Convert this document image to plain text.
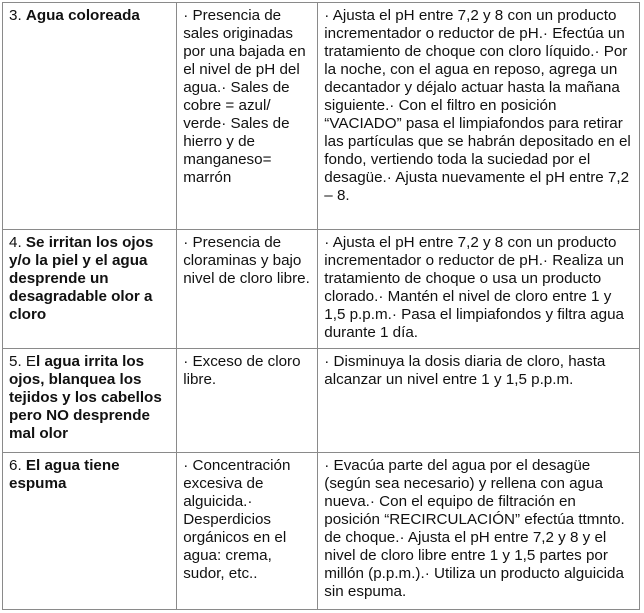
3. Agua coloreada	· Presencia de sales originadas por una bajada en el nivel de pH del agua.· Sales de cobre = azul/ verde· Sales de hierro y de manganeso= marrón	· Ajusta el pH entre 7,2 y 8 con un producto incrementador o reductor de pH.· Efectúa un tratamiento de choque con cloro líquido.· Por la noche, con el agua en reposo, agrega un decantador y déjalo actuar hasta la mañana siguiente.· Con el filtro en posición “VACIADO” pasa el limpiafondos para retirar las partículas que se habrán depositado en el fondo, vertiendo toda la suciedad por el desagüe.· Ajusta nuevamente el pH entre 7,2 – 8.
4. Se irritan los ojos y/o la piel y el agua desprende un desagradable olor a cloro	· Presencia de cloraminas y bajo nivel de cloro libre.	· Ajusta el pH entre 7,2 y 8 con un producto incrementador o reductor de pH.· Realiza un tratamiento de choque o usa un producto clorado.· Mantén el nivel de cloro entre 1 y 1,5 p.p.m.· Pasa el limpiafondos y filtra agua durante 1 día.
5. El agua irrita los ojos, blanquea los tejidos y los cabellos pero NO desprende mal olor	· Exceso de cloro libre.	· Disminuya la dosis diaria de cloro, hasta alcanzar un nivel entre 1 y 1,5 p.p.m.
6. El agua tiene espuma	· Concentración excesiva de alguicida.· Desperdicios orgánicos en el agua: crema, sudor, etc..	· Evacúa parte del agua por el desagüe (según sea necesario) y rellena con agua nueva.· Con el equipo de filtración en posición “RECIRCULACIÓN” efectúa ttmnto. de choque.· Ajusta el pH entre 7,2 y 8 y el nivel de cloro libre entre 1 y 1,5 partes por millón (p.p.m.).· Utiliza un producto alguicida sin espuma.
